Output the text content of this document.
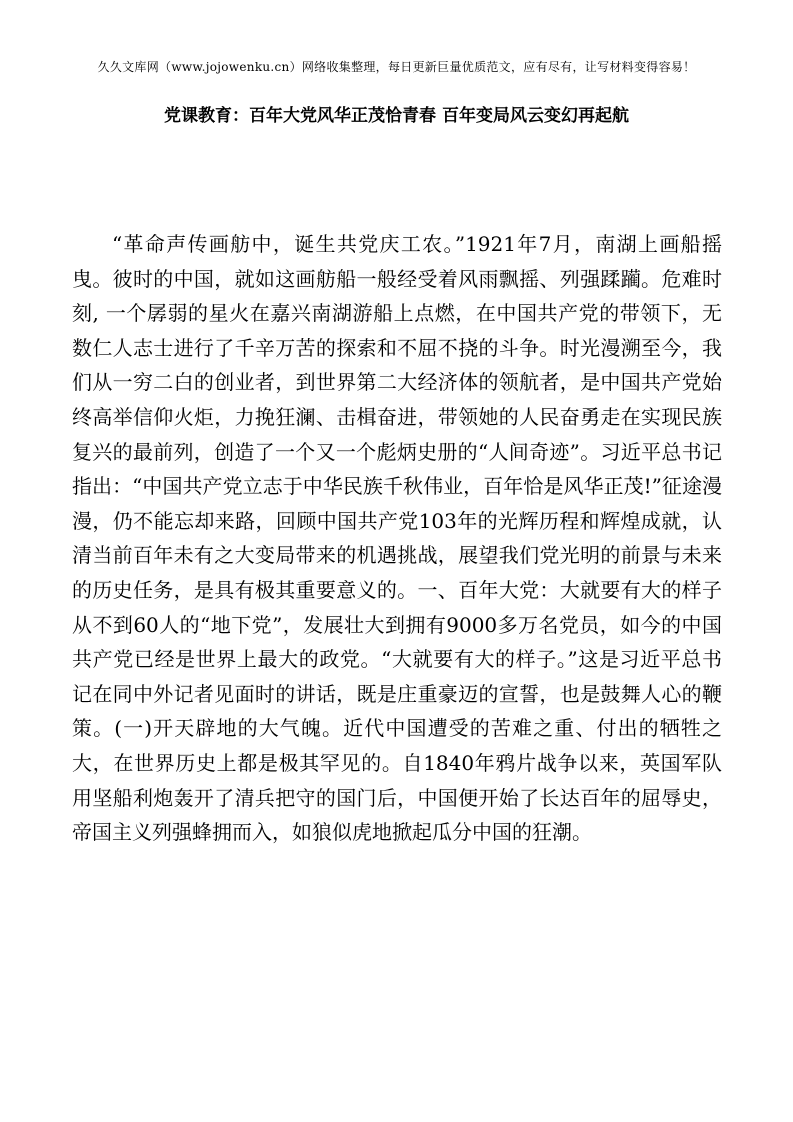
久久文库网（www.jojowenku.cn）网络收集整理，每日更新巨量优质范文，应有尽有，让写材料变得容易！
党课教育：百年大党风华正茂恰青春 百年变局风云变幻再起航

“革命声传画舫中，诞生共党庆工农。”1921年7月，南湖上画船摇曳。彼时的中国，就如这画舫船一般经受着风雨飘摇、列强蹂躏。危难时刻, 一个孱弱的星火在嘉兴南湖游船上点燃，在中国共产党的带领下，无数仁人志士进行了千辛万苦的探索和不屈不挠的斗争。时光漫溯至今，我们从一穷二白的创业者，到世界第二大经济体的领航者，是中国共产党始终高举信仰火炬，力挽狂澜、击楫奋进，带领她的人民奋勇走在实现民族复兴的最前列，创造了一个又一个彪炳史册的“人间奇迹”。习近平总书记指出：“中国共产党立志于中华民族千秋伟业，百年恰是风华正茂!”征途漫漫，仍不能忘却来路，回顾中国共产党103年的光辉历程和辉煌成就，认清当前百年未有之大变局带来的机遇挑战，展望我们党光明的前景与未来的历史任务，是具有极其重要意义的。一、百年大党：大就要有大的样子从不到60人的“地下党”，发展壮大到拥有9000多万名党员，如今的中国共产党已经是世界上最大的政党。“大就要有大的样子。”这是习近平总书记在同中外记者见面时的讲话，既是庄重豪迈的宣誓，也是鼓舞人心的鞭策。(一)开天辟地的大气魄。近代中国遭受的苦难之重、付出的牺牲之大，在世界历史上都是极其罕见的。自1840年鸦片战争以来，英国军队用坚船利炮轰开了清兵把守的国门后，中国便开始了长达百年的屈辱史，帝国主义列强蜂拥而入，如狼似虎地掀起瓜分中国的狂潮。
